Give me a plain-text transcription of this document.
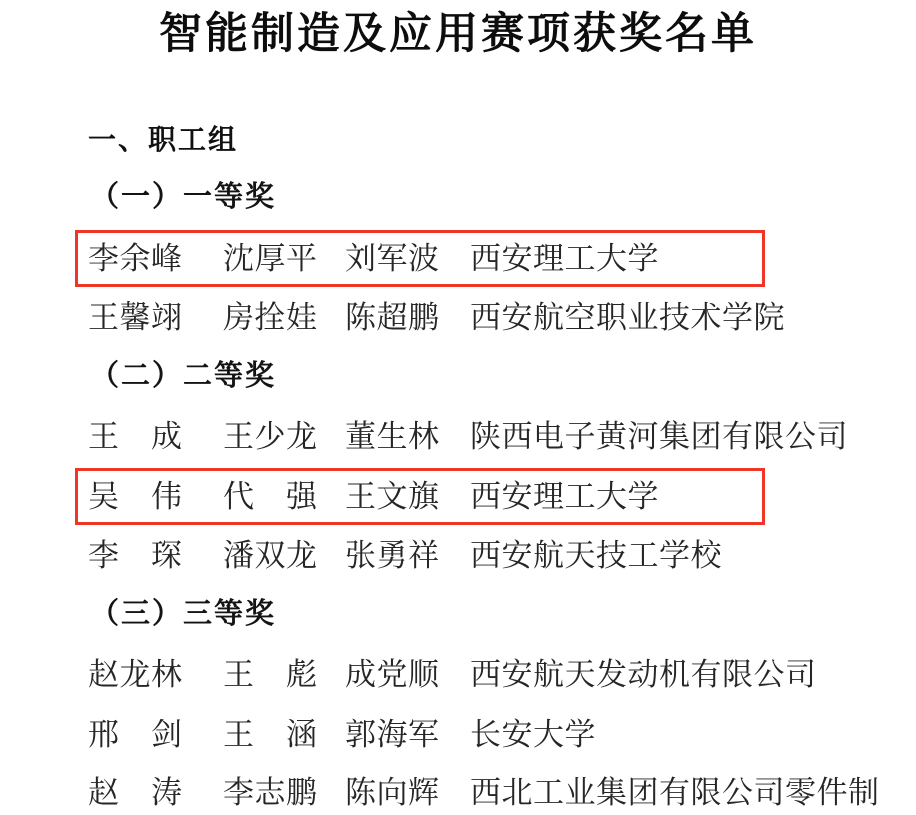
智能制造及应用赛项获奖名单
一、职工组
（一）一等奖
李余峰	沈厚平 刘军波 西安理工大学
王馨翊	房拴娃 陈超鹏 西安航空职业技术学院
（二）二等奖
王　成	王少龙 董生林 陕西电子黄河集团有限公司
吴　伟	代　强 王文旗 西安理工大学
李　琛	潘双龙 张勇祥 西安航天技工学校
（三）三等奖
赵龙林	王　彪 成党顺 西安航天发动机有限公司
邢　剑	王　涵 郭海军 长安大学
赵　涛	李志鹏 陈向辉 西北工业集团有限公司零件制
